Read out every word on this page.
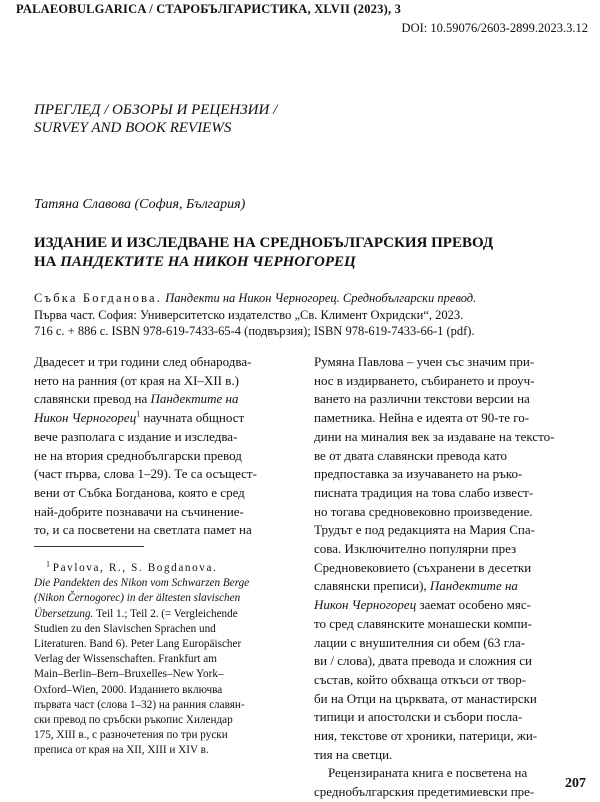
PALAEOBULGARICA / СТАРОБЪЛГАРИСТИКА, XLVII (2023), 3
DOI: 10.59076/2603-2899.2023.3.12
ПРЕГЛЕД / ОБЗОРЫ И РЕЦЕНЗИИ /
SURVEY AND BOOK REVIEWS
Татяна Славова (София, България)
ИЗДАНИЕ И ИЗСЛЕДВАНЕ НА СРЕДНОБЪЛГАРСКИЯ ПРЕВОД
НА ПАНДЕКТИТЕ НА НИКОН ЧЕРНОГОРЕЦ
Събка Богданова. Пандекти на Никон Черногорец. Среднобългарски превод.
Първа част. София: Университетско издателство „Св. Климент Охридски“, 2023.
716 с. + 886 с. ISBN 978-619-7433-65-4 (подвързия); ISBN 978-619-7433-66-1 (pdf).
Двадесет и три години след обнародва-
нето на ранния (от края на XI–XII в.)
славянски превод на Пандектите на
Никон Черногорец$^1$ научната общност
вече разполага с издание и изследва-
не на втория среднобългарски превод
(част първа, слова 1–29). Те са осъщест-
вени от Събка Богданова, която е сред
най-добрите познавачи на съчинение-
то, и са посветени на светлата памет на
$^1$ Pavlova, R., S. Bogdanova.
Die Pandekten des Nikon vom Schwarzen Berge
(Nikon Černogorec) in der ältesten slavischen
Übersetzung. Teil 1.; Teil 2. (= Vergleichende
Studien zu den Slavischen Sprachen und
Literaturen. Band 6). Peter Lang Europäischer
Verlag der Wissenschaften. Frankfurt am
Main–Berlin–Bern–Bruxelles–New York–
Oxford–Wien, 2000. Изданието включва
първата част (слова 1–32) на ранния славян-
ски превод по сръбски ръкопис Хилендар
175, XIII в., с разночетения по три руски
преписа от края на XII, XIII и XIV в.
Румяна Павлова – учен със значим при-
нос в издирването, събирането и проуч-
ването на различни текстови версии на
паметника. Нейна е идеята от 90-те го-
дини на миналия век за издаване на тексто-
ве от двата славянски превода като
предпоставка за изучаването на ръко-
писната традиция на това слабо извест-
но тогава средновековно произведение.
Трудът е под редакцията на Мария Спа-
сова. Изключително популярни през
Средновековието (съхранени в десетки
славянски преписи), Пандектите на
Никон Черногорец заемат особено мяс-
то сред славянските монашески компи-
лации с внушителния си обем (63 гла-
ви / слова), двата превода и сложния си
състав, който обхваща откъси от твор-
би на Отци на църквата, от манастирски
типици и апостолски и събори посла-
ния, текстове от хроники, патерици, жи-
тия на светци.
Рецензираната книга е посветена на
среднобългарския предетимиевски пре-
207
